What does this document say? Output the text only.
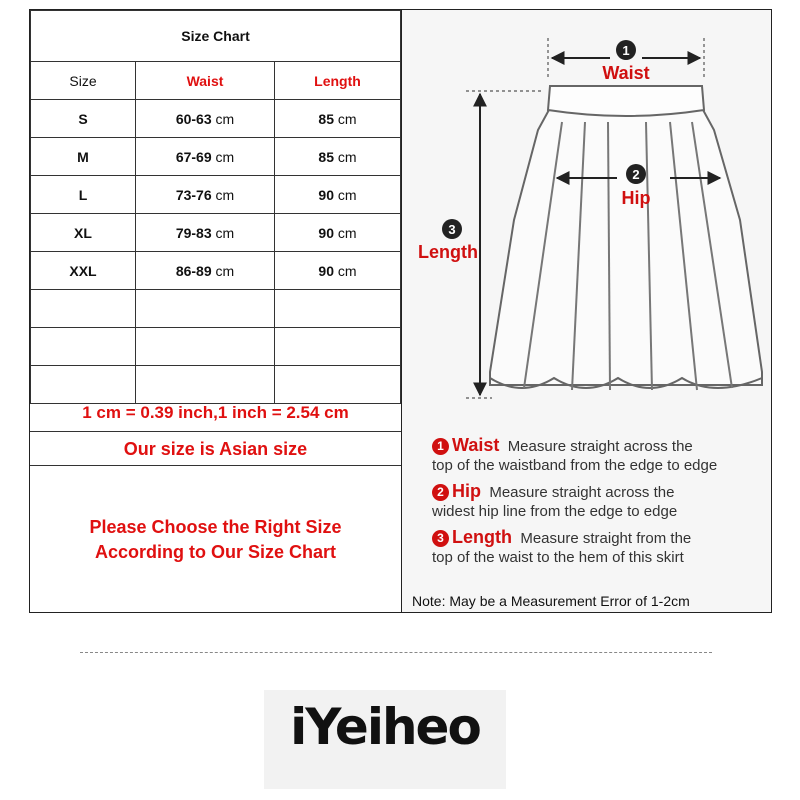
Size Chart		
Size	Waist	Length
S	60-63 cm	85 cm
M	67-69 cm	85 cm
L	73-76 cm	90 cm
XL	79-83 cm	90 cm
XXL	86-89 cm	90 cm

1 cm = 0.39 inch,1 inch = 2.54 cm
Our size is Asian size
Please Choose the Right Size
According to Our Size Chart
1
Waist
2
Hip
3
Length
1 Waist Measure straight across the
top of the waistband from the edge to edge
2 Hip Measure straight across the
widest hip line from the edge to edge
3 Length Measure straight from the
top of the waist to the hem of this skirt
Note: May be a Measurement Error of 1-2cm
iYeiheo
